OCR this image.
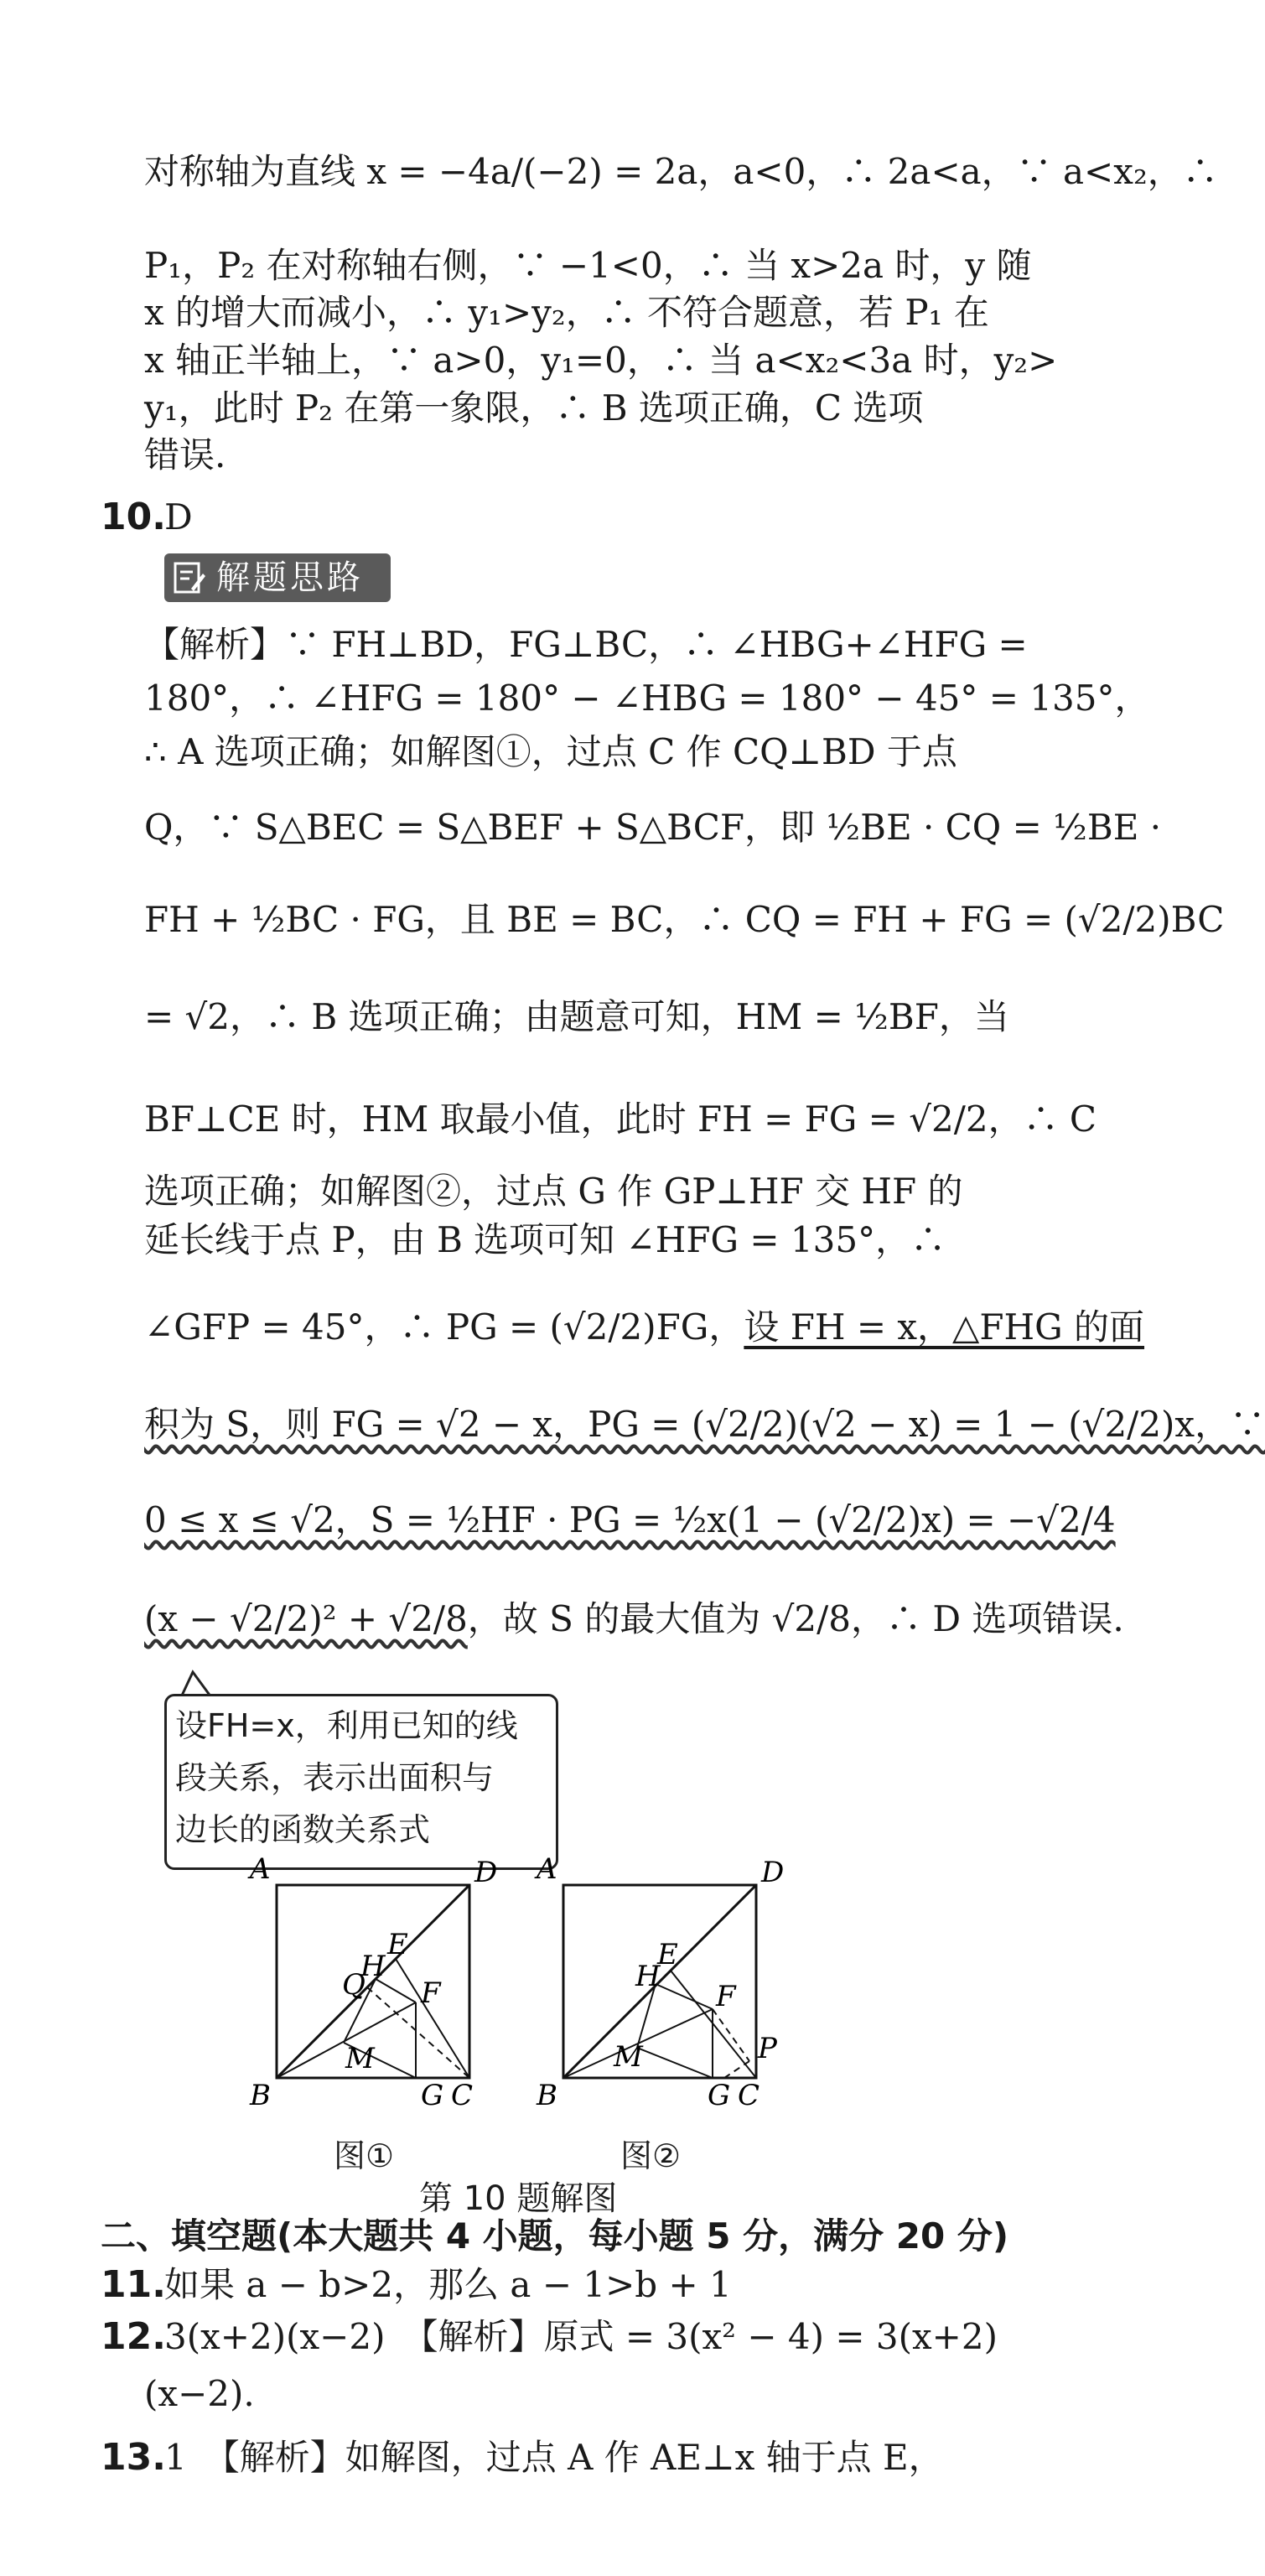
对称轴为直线 x = −4a/(−2) = 2a，a<0，∴ 2a<a，∵ a<x₂，∴
P₁，P₂ 在对称轴右侧，∵ −1<0，∴ 当 x>2a 时，y 随
x 的增大而减小，∴ y₁>y₂，∴ 不符合题意，若 P₁ 在
x 轴正半轴上，∵ a>0，y₁=0，∴ 当 a<x₂<3a 时，y₂>
y₁，此时 P₂ 在第一象限，∴ B 选项正确，C 选项
错误.
10.
D
解题思路
【解析】∵ FH⊥BD，FG⊥BC，∴ ∠HBG+∠HFG =
180°，∴ ∠HFG = 180° − ∠HBG = 180° − 45° = 135°，
∴ A 选项正确；如解图①，过点 C 作 CQ⊥BD 于点
Q，∵ S△BEC = S△BEF + S△BCF，即 ½BE · CQ = ½BE ·
FH + ½BC · FG，且 BE = BC，∴ CQ = FH + FG = (√2/2)BC
= √2，∴ B 选项正确；由题意可知，HM = ½BF，当
BF⊥CE 时，HM 取最小值，此时 FH = FG = √2/2，∴ C
选项正确；如解图②，过点 G 作 GP⊥HF 交 HF 的
延长线于点 P，由 B 选项可知 ∠HFG = 135°，∴
∠GFP = 45°，∴ PG = (√2/2)FG，设 FH = x，△FHG 的面
积为 S，则 FG = √2 − x，PG = (√2/2)(√2 − x) = 1 − (√2/2)x，∵
0 ≤ x ≤ √2，S = ½HF · PG = ½x(1 − (√2/2)x) = −√2/4
(x − √2/2)² + √2/8，故 S 的最大值为 √2/8，∴ D 选项错误.
设FH=x，利用已知的线
段关系，表示出面积与
边长的函数关系式
A	D
E
H
Q F
M
B	G C
图①
A	D
E
H
F
P
M
B	G C
图②
第 10 题解图
二、填空题(本大题共 4 小题，每小题 5 分，满分 20 分)
11.
如果 a − b>2，那么 a − 1>b + 1
12.
3(x+2)(x−2)　【解析】原式 = 3(x² − 4) = 3(x+2)
(x−2).
13.
1　【解析】如解图，过点 A 作 AE⊥x 轴于点 E，
